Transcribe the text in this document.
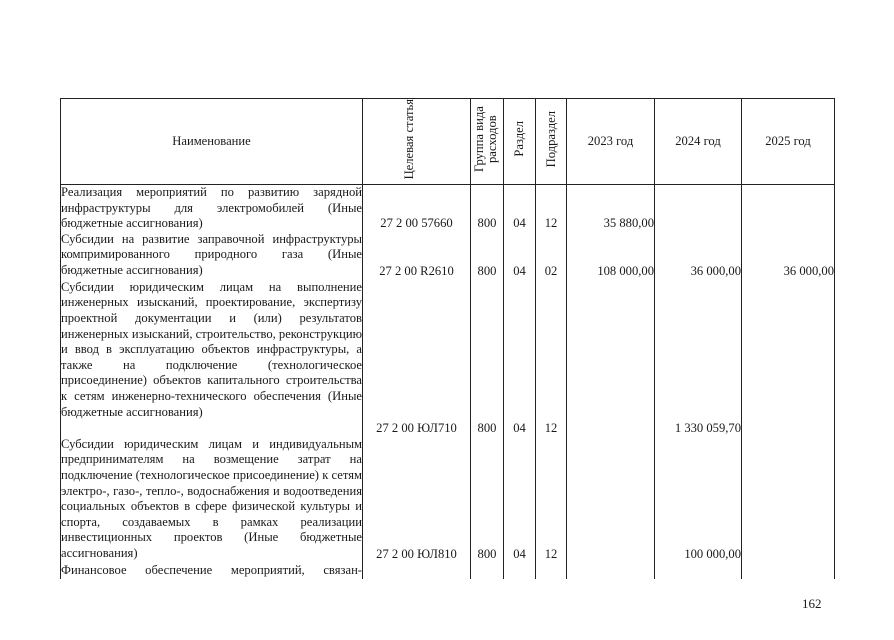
Наименование	Целевая статья	Группа вида расходов	Раздел	Подраздел	2023 год	2024 год	2025 год
Реализация мероприятий по развитию зарядной инфраструктуры для электромобилей (Иные бюджетные ассигнования)	27 2 00 57660	800	04	12	35 880,00		
Субсидии на развитие заправочной инфраструктуры компримированного природного газа (Иные бюджетные ассигнования)	27 2 00 R2610	800	04	02	108 000,00	36 000,00	36 000,00
Субсидии юридическим лицам на выполнение инженерных изысканий, проектирование, экспертизу проектной документации и (или) результатов инженерных изысканий, строительство, реконструкцию и ввод в эксплуатацию объектов инфраструктуры, а также на подключение (технологическое присоединение) объектов капитального строительства к сетям инженерно-технического обеспечения (Иные бюджетные ассигнования)	27 2 00 ЮЛ710	800	04	12		1 330 059,70	
Субсидии юридическим лицам и индивидуальным предпринимателям на возмещение затрат на подключение (технологическое присоединение) к сетям электро-, газо-, тепло-, водоснабжения и водоотведения социальных объектов в сфере физической культуры и спорта, создаваемых в рамках реализации инвестиционных проектов (Иные бюджетные ассигнования)	27 2 00 ЮЛ810	800	04	12		100 000,00	
Финансовое обеспечение мероприятий, связан-							
162
